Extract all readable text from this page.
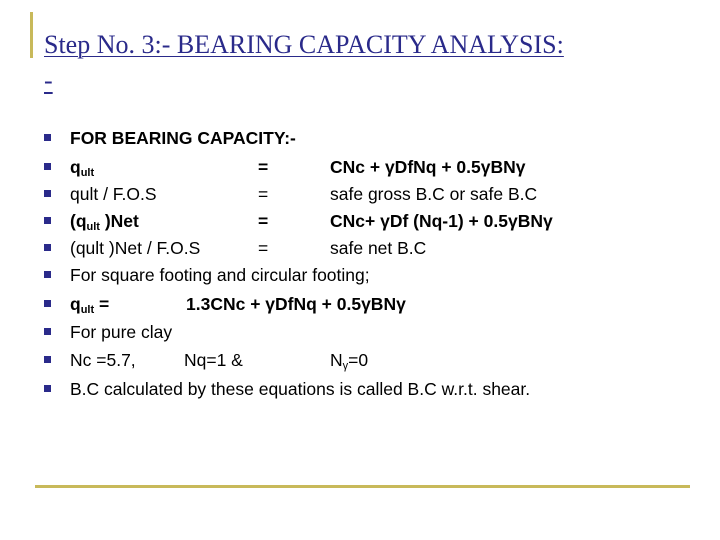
Step No. 3:- BEARING CAPACITY ANALYSIS:
-
FOR BEARING CAPACITY:-
$q_{ult}$	=	CNc + γDfNq + 0.5γBNγ
qult / F.O.S	=	safe gross B.C or safe B.C
($q_{ult}$ )Net	=	CNc+ γDf (Nq-1) + 0.5γBNγ
(qult )Net / F.O.S	=	safe net B.C
For square footing and circular footing;
$q_{ult}$ =	1.3CNc + γDfNq + 0.5γBNγ
For pure clay
Nc =5.7,	Nq=1 &	$N_\gamma=0$
B.C calculated by these equations is called B.C w.r.t. shear.
